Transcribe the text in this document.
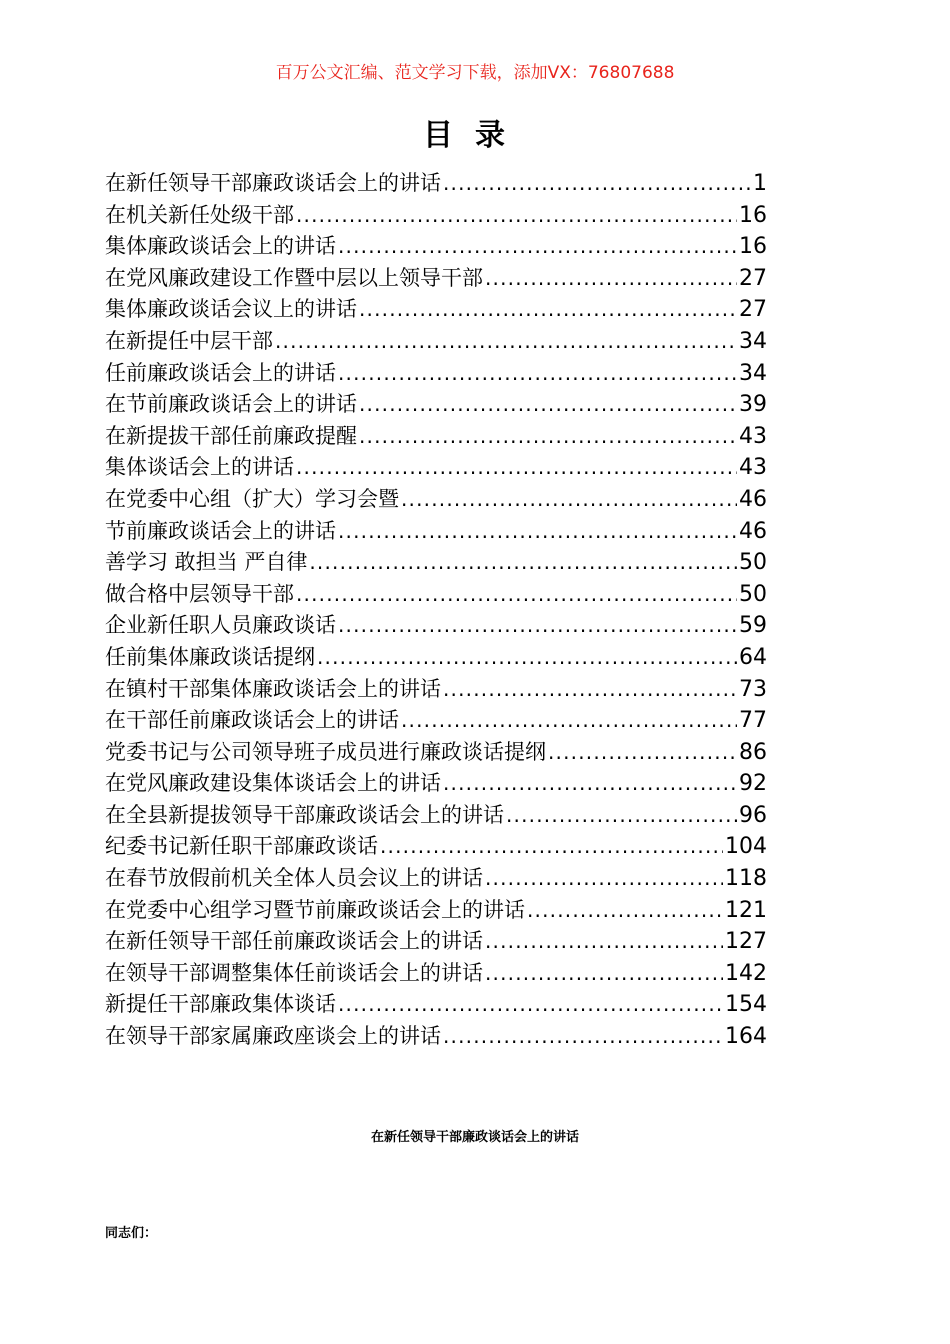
百万公文汇编、范文学习下载，添加VX：76807688
目录
在新任领导干部廉政谈话会上的讲话 .....	1
在机关新任处级干部 .....	16
集体廉政谈话会上的讲话 .....	16
在党风廉政建设工作暨中层以上领导干部 .....	27
集体廉政谈话会议上的讲话 .....	27
在新提任中层干部 .....	34
任前廉政谈话会上的讲话 .....	34
在节前廉政谈话会上的讲话 .....	39
在新提拔干部任前廉政提醒 .....	43
集体谈话会上的讲话 .....	43
在党委中心组（扩大）学习会暨 .....	46
节前廉政谈话会上的讲话 .....	46
善学习 敢担当 严自律 .....	50
做合格中层领导干部 .....	50
企业新任职人员廉政谈话 .....	59
任前集体廉政谈话提纲 .....	64
在镇村干部集体廉政谈话会上的讲话 .....	73
在干部任前廉政谈话会上的讲话 .....	77
党委书记与公司领导班子成员进行廉政谈话提纲 .....	86
在党风廉政建设集体谈话会上的讲话 .....	92
在全县新提拔领导干部廉政谈话会上的讲话 .....	96
纪委书记新任职干部廉政谈话 .....	104
在春节放假前机关全体人员会议上的讲话 .....	118
在党委中心组学习暨节前廉政谈话会上的讲话 .....	121
在新任领导干部任前廉政谈话会上的讲话 .....	127
在领导干部调整集体任前谈话会上的讲话 .....	142
新提任干部廉政集体谈话 .....	154
在领导干部家属廉政座谈会上的讲话 .....	164
在新任领导干部廉政谈话会上的讲话
同志们：
